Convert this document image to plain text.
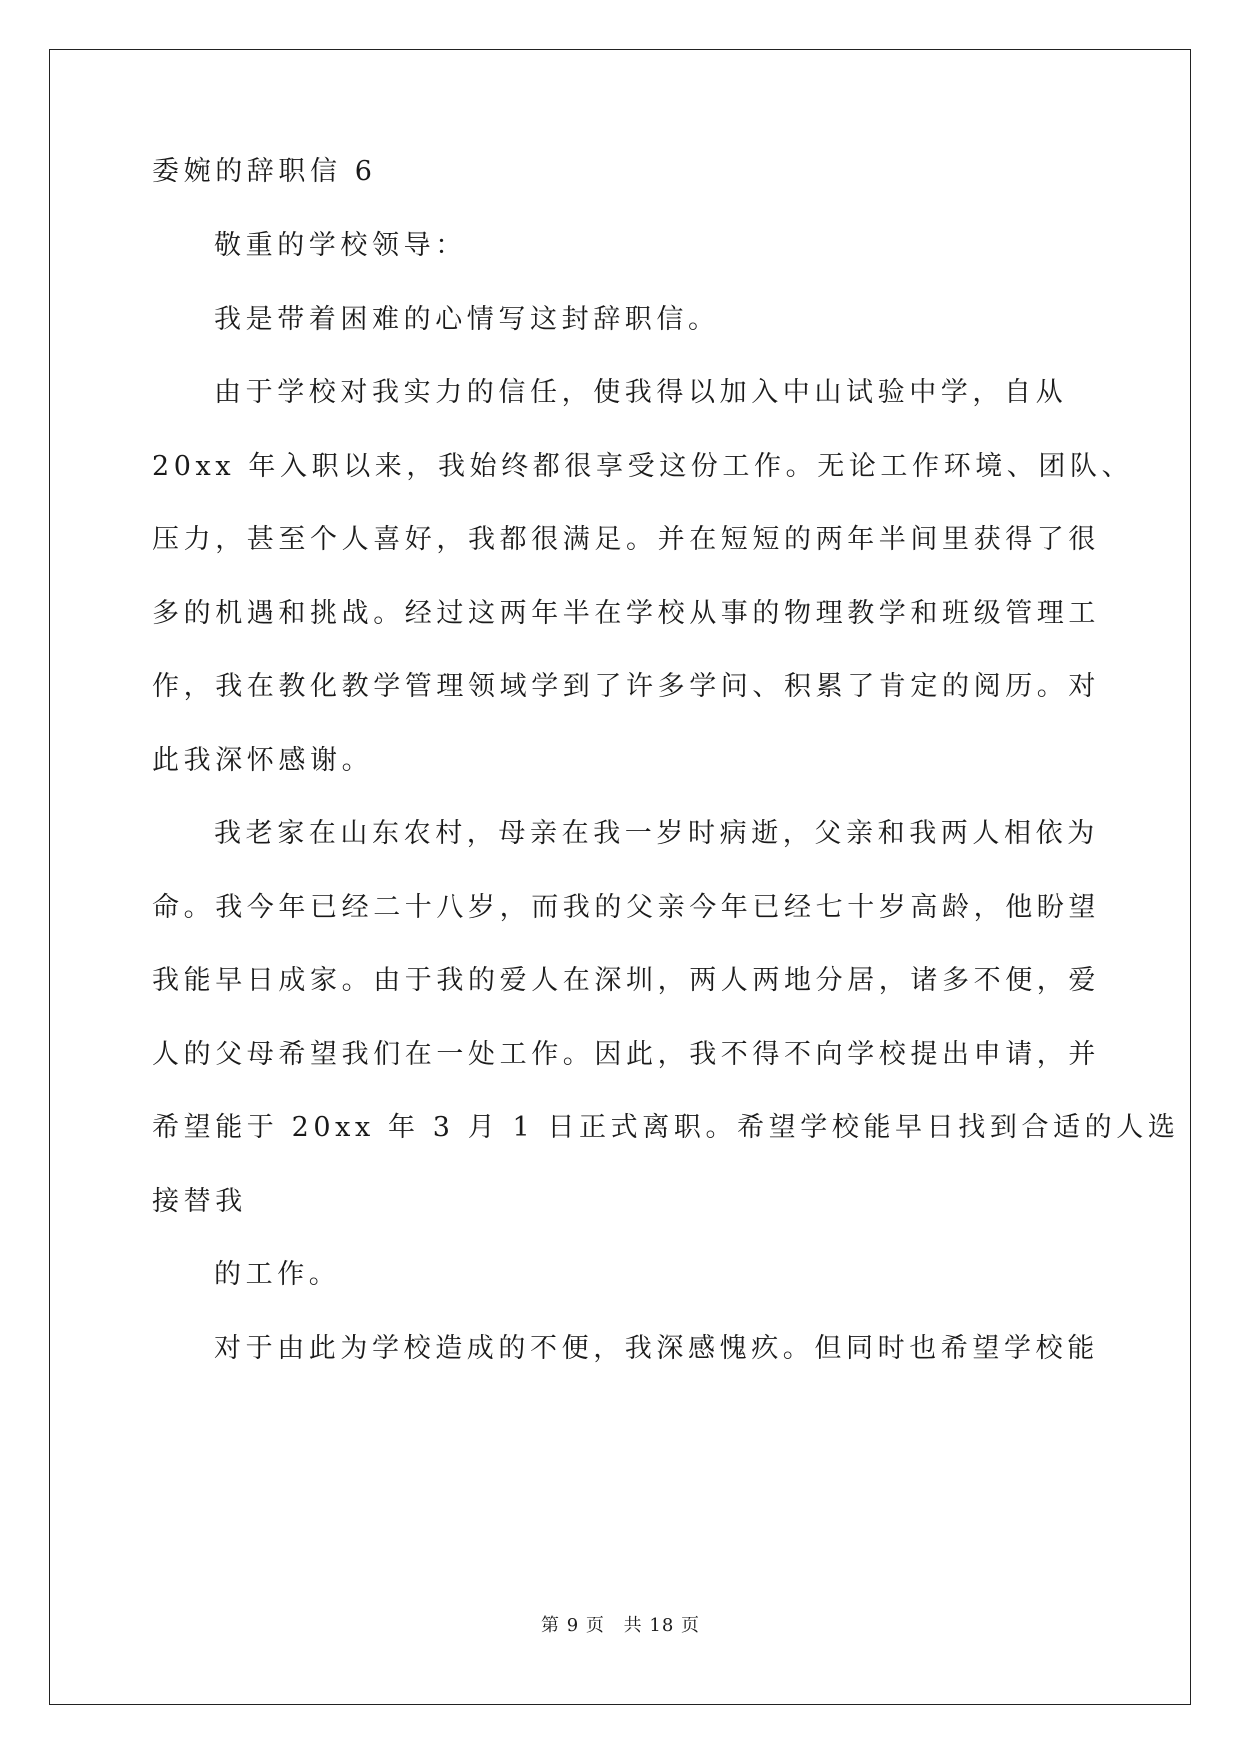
委婉的辞职信 6
敬重的学校领导：
我是带着困难的心情写这封辞职信。
由于学校对我实力的信任，使我得以加入中山试验中学，自从
20xx 年入职以来，我始终都很享受这份工作。无论工作环境、团队、
压力，甚至个人喜好，我都很满足。并在短短的两年半间里获得了很
多的机遇和挑战。经过这两年半在学校从事的物理教学和班级管理工
作，我在教化教学管理领域学到了许多学问、积累了肯定的阅历。对
此我深怀感谢。
我老家在山东农村，母亲在我一岁时病逝，父亲和我两人相依为
命。我今年已经二十八岁，而我的父亲今年已经七十岁高龄，他盼望
我能早日成家。由于我的爱人在深圳，两人两地分居，诸多不便，爱
人的父母希望我们在一处工作。因此，我不得不向学校提出申请，并
希望能于 20xx 年 3 月 1 日正式离职。希望学校能早日找到合适的人选
接替我
的工作。
对于由此为学校造成的不便，我深感愧疚。但同时也希望学校能
第 9 页 共 18 页
